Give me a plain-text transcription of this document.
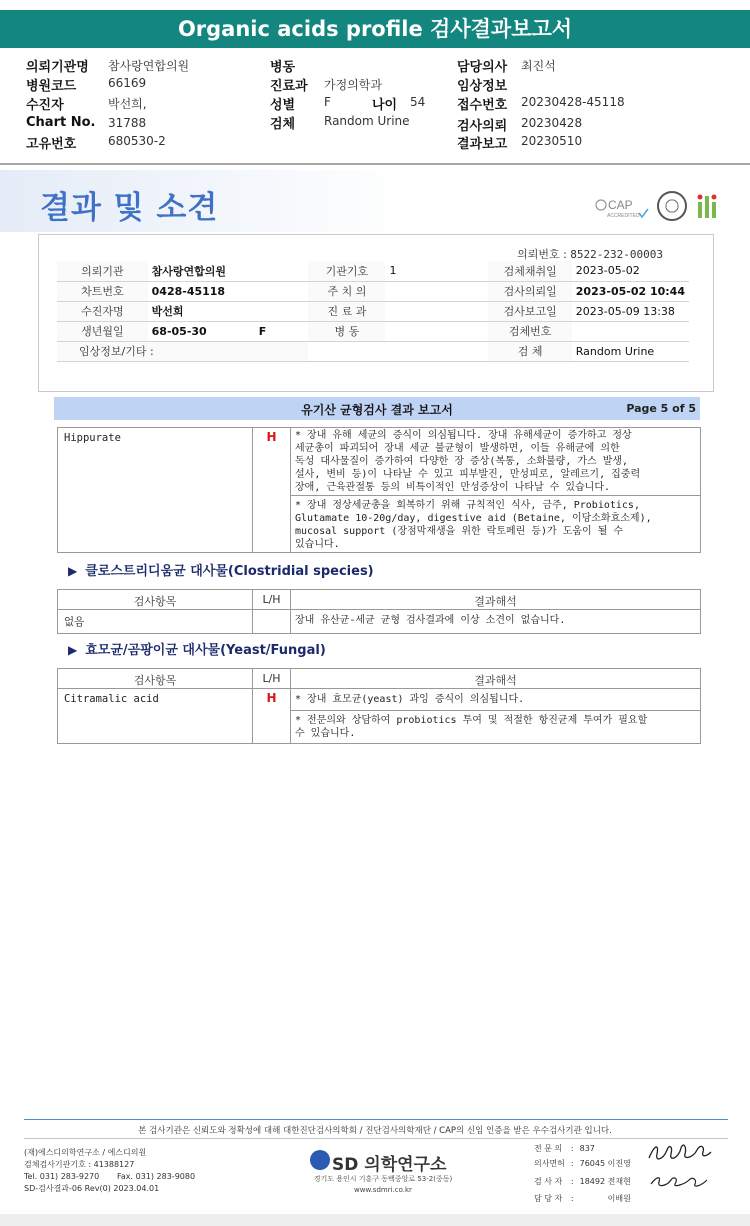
Organic acids profile 검사결과보고서
의뢰기관명 참사랑연합의원
병원코드	66169
수진자	박선희,
Chart No. 31788
고유번호	680530-2
병동
진료과 가정의학과
성별 F	나이 54
검체 Random Urine
담당의사 최진석
임상정보
접수번호 20230428-45118
검사의뢰 20230428
결과보고 20230510
결과 및 소견	CAP
ACCREDITED
의뢰번호 : 8522-232-00003
의뢰기관	참사랑연합의원	기관기호	1	검체채취일	2023-05-02
차트번호	0428-45118	주 치 의		검사의뢰일	2023-05-02 10:44
수진자명	박선희	진 료 과		검사보고일	2023-05-09 13:38
생년월일	68-05-30 F	병 동		검체번호	
임상정보/기타 :				검 체	Random Urine
유기산 균형검사 결과 보고서	Page 5 of 5
Hippurate	H	* 장내 유해 세균의 증식이 의심됩니다. 장내 유해세균이 증가하고 정상
세균총이 파괴되어 장내 세균 불균형이 발생하면, 이들 유해균에 의한
독성 대사물질이 증가하여 다양한 장 증상(복통, 소화불량, 가스 발생,
설사, 변비 등)이 나타날 수 있고 피부발진, 만성피로, 알레르기, 집중력
장애, 근육관절통 등의 비특이적인 만성증상이 나타날 수 있습니다.

* 장내 정상세균총을 회복하기 위해 규칙적인 식사, 금주, Probiotics,
Glutamate 10-20g/day, digestive aid (Betaine, 이당소화효소제),
mucosal support (장점막재생을 위한 락토페린 등)가 도움이 될 수
있습니다.
▶ 클로스트리디움균 대사물(Clostridial species)
검사항목	L/H	결과해석
없음		장내 유산균-세균 균형 검사결과에 이상 소견이 없습니다.
▶ 효모균/곰팡이균 대사물(Yeast/Fungal)
검사항목	L/H	결과해석
Citramalic acid	H	* 장내 효모균(yeast) 과잉 증식이 의심됩니다.

		* 전문의와 상담하여 probiotics 투여 및 적절한 항진균제 투여가 필요할
수 있습니다.
본 검사기관은 신뢰도와 정확성에 대해 대한진단검사의학회 / 진단검사의학재단 / CAP의 신임 인증을 받은 우수검사기관 입니다.
(재)에스디의학연구소 / 에스디의원
검체검사기관기호 : 41388127
Tel. 031) 283-9270       Fax. 031) 283-9080
SD-검사결과-06 Rev(0) 2023.04.01
SD 의학연구소
경기도 용인시 기흥구 동백중앙로 53-2(중동)
www.sdmri.co.kr
전 문 의	:	837
의사면허	:	76045 이진영
검 사 자	:	18492 전재현
담 당 자	:	이배원
